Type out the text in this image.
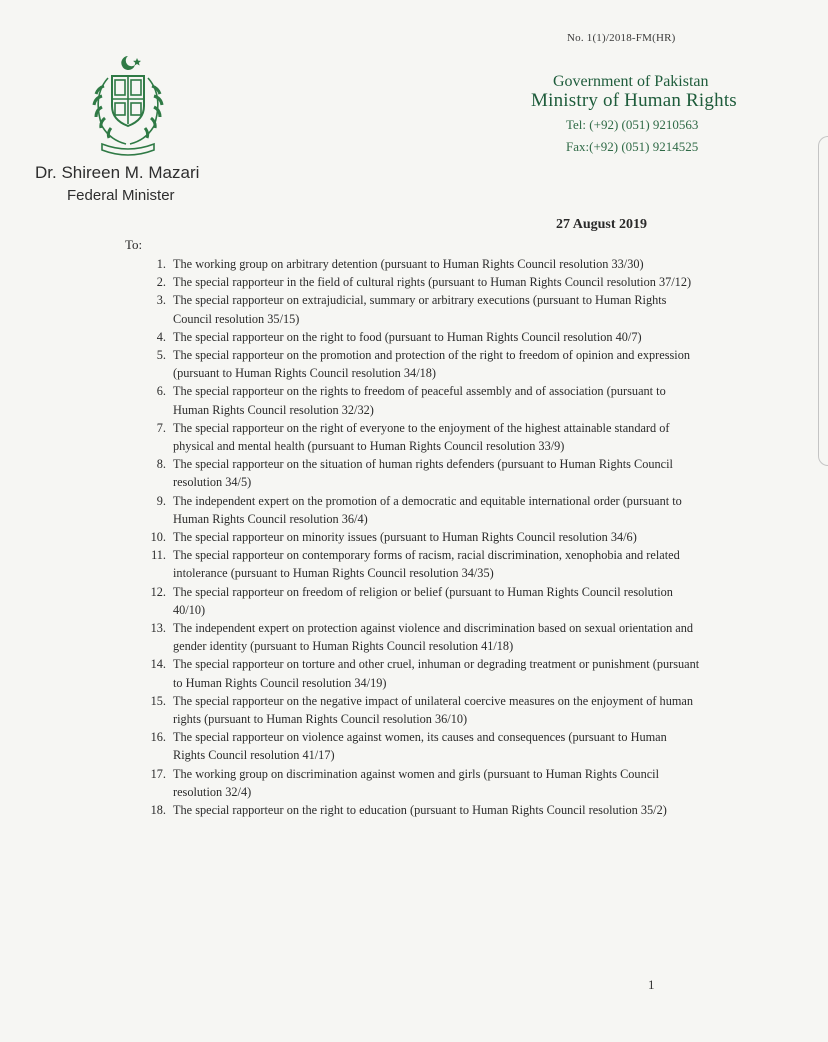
No. 1(1)/2018-FM(HR)
Dr. Shireen M. Mazari
Federal Minister
Government of Pakistan
Ministry of Human Rights
Tel: (+92) (051) 9210563
Fax:(+92) (051) 9214525
27 August 2019
To:
1. The working group on arbitrary detention (pursuant to Human Rights Council resolution 33/30)
2. The special rapporteur in the field of cultural rights (pursuant to Human Rights Council resolution 37/12)
3. The special rapporteur on extrajudicial, summary or arbitrary executions (pursuant to Human Rights Council resolution 35/15)
4. The special rapporteur on the right to food (pursuant to Human Rights Council resolution 40/7)
5. The special rapporteur on the promotion and protection of the right to freedom of opinion and expression (pursuant to Human Rights Council resolution 34/18)
6. The special rapporteur on the rights to freedom of peaceful assembly and of association (pursuant to Human Rights Council resolution 32/32)
7. The special rapporteur on the right of everyone to the enjoyment of the highest attainable standard of physical and mental health (pursuant to Human Rights Council resolution 33/9)
8. The special rapporteur on the situation of human rights defenders (pursuant to Human Rights Council resolution 34/5)
9. The independent expert on the promotion of a democratic and equitable international order (pursuant to Human Rights Council resolution 36/4)
10. The special rapporteur on minority issues (pursuant to Human Rights Council resolution 34/6)
11. The special rapporteur on contemporary forms of racism, racial discrimination, xenophobia and related intolerance (pursuant to Human Rights Council resolution 34/35)
12. The special rapporteur on freedom of religion or belief (pursuant to Human Rights Council resolution 40/10)
13. The independent expert on protection against violence and discrimination based on sexual orientation and gender identity (pursuant to Human Rights Council resolution 41/18)
14. The special rapporteur on torture and other cruel, inhuman or degrading treatment or punishment (pursuant to Human Rights Council resolution 34/19)
15. The special rapporteur on the negative impact of unilateral coercive measures on the enjoyment of human rights (pursuant to Human Rights Council resolution 36/10)
16. The special rapporteur on violence against women, its causes and consequences (pursuant to Human Rights Council resolution 41/17)
17. The working group on discrimination against women and girls (pursuant to Human Rights Council resolution 32/4)
18. The special rapporteur on the right to education (pursuant to Human Rights Council resolution 35/2)
1
